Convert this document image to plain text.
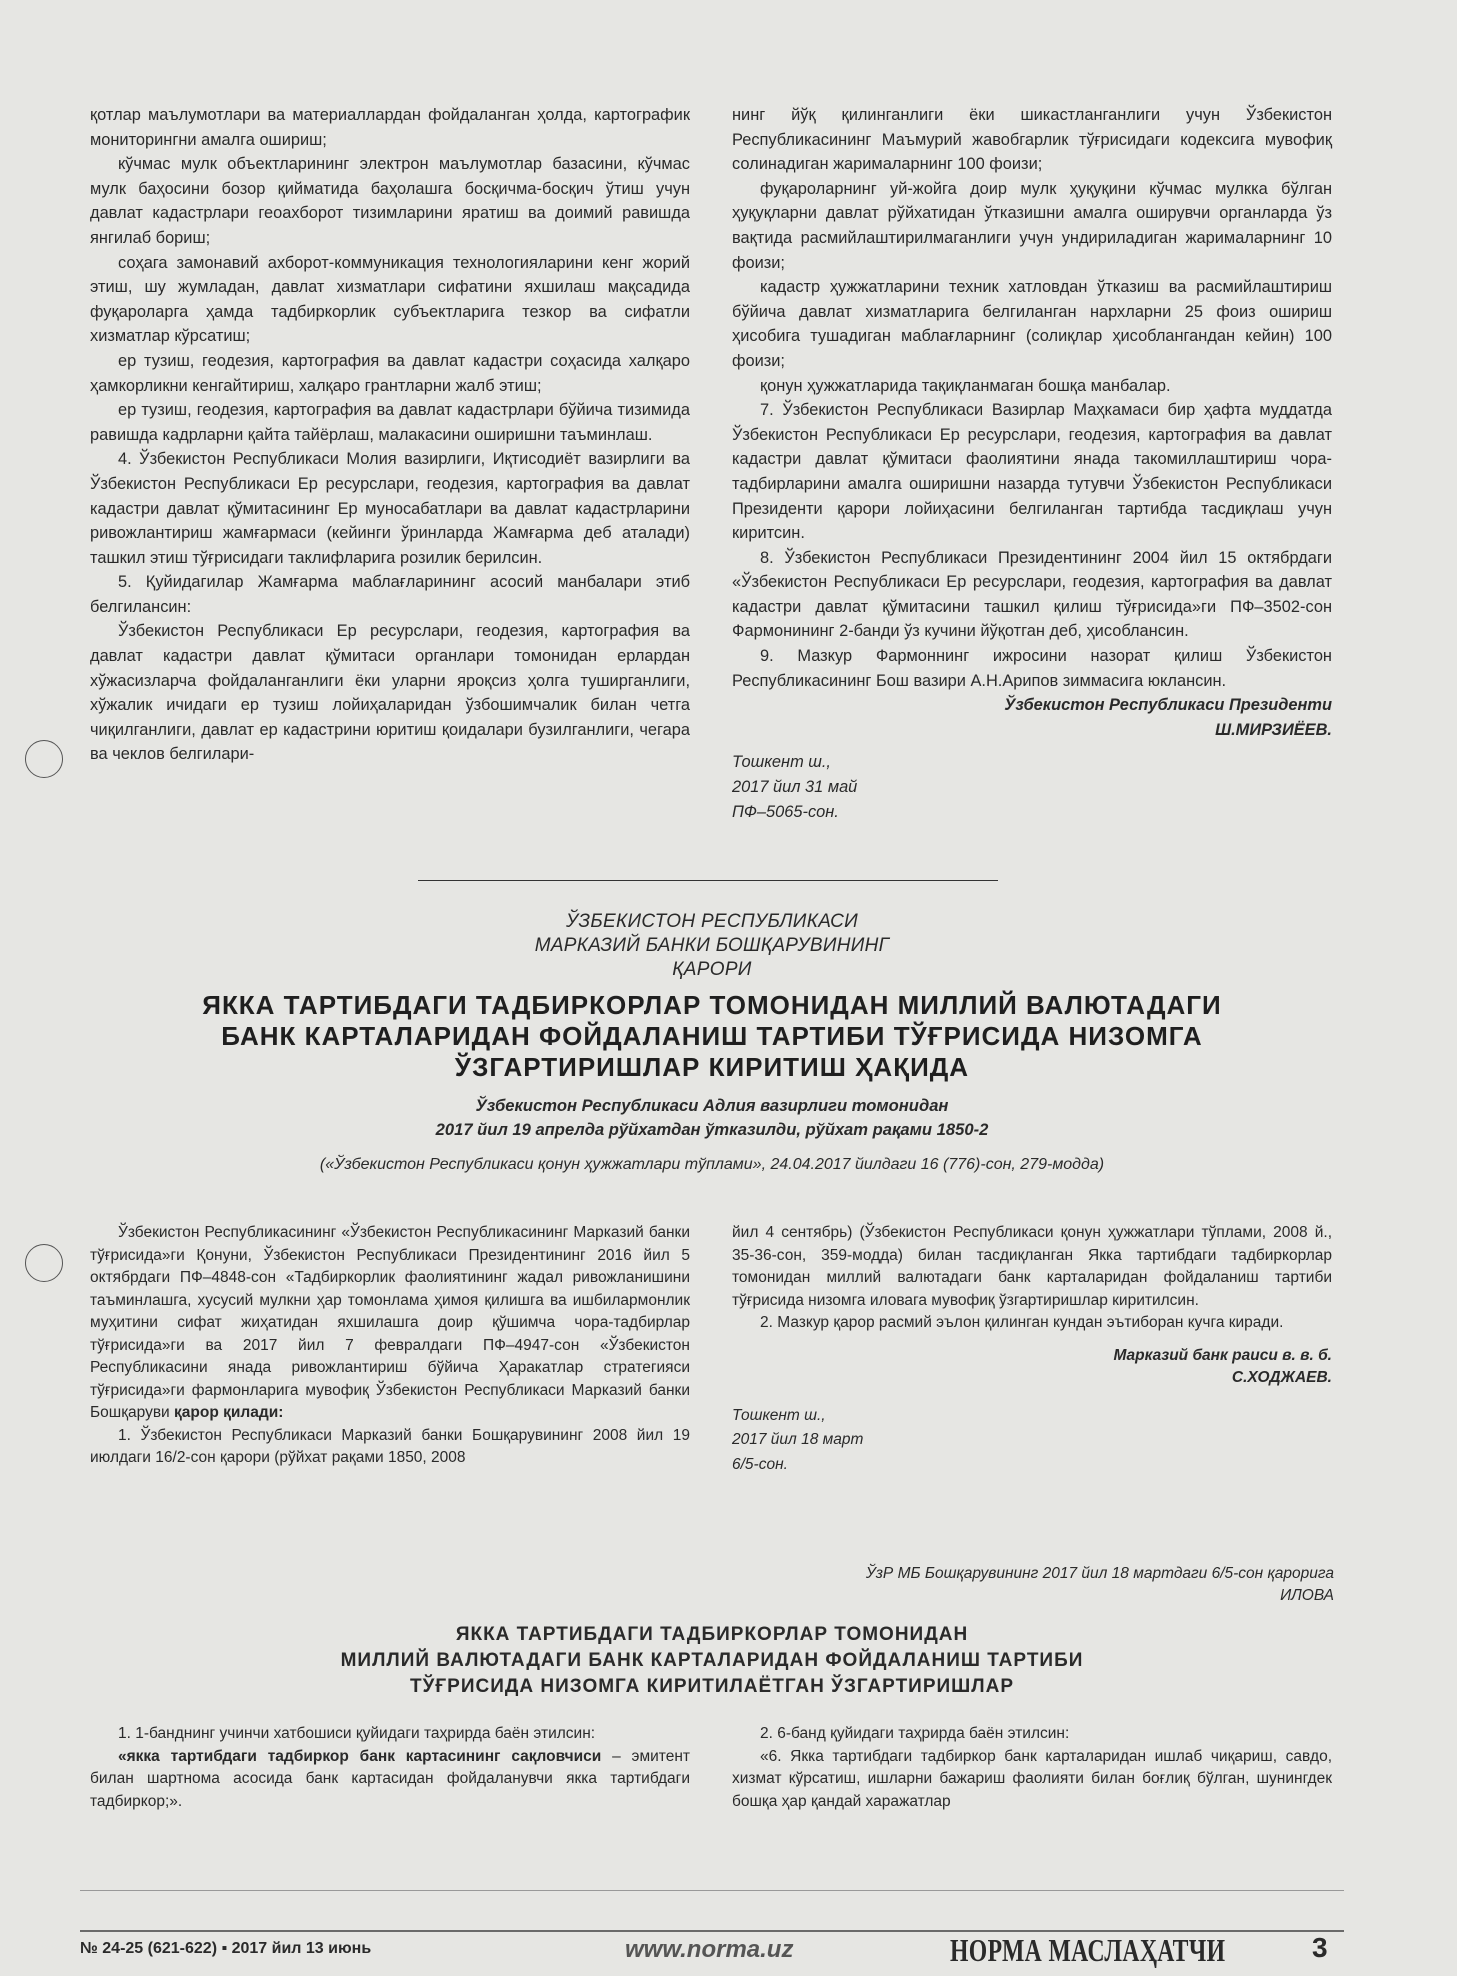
қотлар маълумотлари ва материаллардан фойдаланган ҳолда, картографик мониторингни амалга ошириш;

кўчмас мулк объектларининг электрон маълумотлар базасини, кўчмас мулк баҳосини бозор қийматида баҳолашга босқичма-босқич ўтиш учун давлат кадастрлари геоахборот тизимларини яратиш ва доимий равишда янгилаб бориш;

соҳага замонавий ахборот-коммуникация технологияларини кенг жорий этиш, шу жумладан, давлат хизматлари сифатини яхшилаш мақсадида фуқароларга ҳамда тадбиркорлик субъектларига тезкор ва сифатли хизматлар кўрсатиш;

ер тузиш, геодезия, картография ва давлат кадастри соҳасида халқаро ҳамкорликни кенгайтириш, халқаро грантларни жалб этиш;

ер тузиш, геодезия, картография ва давлат кадастрлари бўйича тизимида равишда кадрларни қайта тайёрлаш, малакасини оширишни таъминлаш.

4. Ўзбекистон Республикаси Молия вазирлиги, Иқтисодиёт вазирлиги ва Ўзбекистон Республикаси Ер ресурслари, геодезия, картография ва давлат кадастри давлат қўмитасининг Ер муносабатлари ва давлат кадастрларини ривожлантириш жамғармаси (кейинги ўринларда Жамғарма деб аталади) ташкил этиш тўғрисидаги таклифларига розилик берилсин.

5. Қуйидагилар Жамғарма маблағларининг асосий манбалари этиб белгилансин:

Ўзбекистон Республикаси Ер ресурслари, геодезия, картография ва давлат кадастри давлат қўмитаси органлари томонидан ерлардан хўжасизларча фойдаланганлиги ёки уларни яроқсиз ҳолга туширганлиги, хўжалик ичидаги ер тузиш лойиҳаларидан ўзбошимчалик билан четга чиқилганлиги, давлат ер кадастрини юритиш қоидалари бузилганлиги, чегара ва чеклов белгилари-

нинг йўқ қилинганлиги ёки шикастланганлиги учун Ўзбекистон Республикасининг Маъмурий жавобгарлик тўғрисидаги кодексига мувофиқ солинадиган жарималарнинг 100 фоизи;

фуқароларнинг уй-жойга доир мулк ҳуқуқини кўчмас мулкка бўлган ҳуқуқларни давлат рўйхатидан ўтказишни амалга оширувчи органларда ўз вақтида расмийлаштирилмаганлиги учун ундириладиган жарималарнинг 10 фоизи;

кадастр ҳужжатларини техник хатловдан ўтказиш ва расмийлаштириш бўйича давлат хизматларига белгиланган нархларни 25 фоиз ошириш ҳисобига тушадиган маблағларнинг (солиқлар ҳисоблангандан кейин) 100 фоизи;

қонун ҳужжатларида тақиқланмаган бошқа манбалар.

7. Ўзбекистон Республикаси Вазирлар Маҳкамаси бир ҳафта муддатда Ўзбекистон Республикаси Ер ресурслари, геодезия, картография ва давлат кадастри давлат қўмитаси фаолиятини янада такомиллаштириш чора-тадбирларини амалга оширишни назарда тутувчи Ўзбекистон Республикаси Президенти қарори лойиҳасини белгиланган тартибда тасдиқлаш учун киритсин.

8. Ўзбекистон Республикаси Президентининг 2004 йил 15 октябрдаги «Ўзбекистон Республикаси Ер ресурслари, геодезия, картография ва давлат кадастри давлат қўмитасини ташкил қилиш тўғрисида»ги ПФ–3502-сон Фармонининг 2-банди ўз кучини йўқотган деб, ҳисоблансин.

9. Мазкур Фармоннинг ижросини назорат қилиш Ўзбекистон Республикасининг Бош вазири А.Н.Арипов зиммасига юклансин.

Ўзбекистон Республикаси Президенти
Ш.МИРЗИЁЕВ.
Тошкент ш.,
2017 йил 31 май
ПФ–5065-сон.
ЎЗБЕКИСТОН РЕСПУБЛИКАСИ
МАРКАЗИЙ БАНКИ БОШҚАРУВИНИНГ
ҚАРОРИ
ЯККА ТАРТИБДАГИ ТАДБИРКОРЛАР ТОМОНИДАН МИЛЛИЙ ВАЛЮТАДАГИ
БАНК КАРТАЛАРИДАН ФОЙДАЛАНИШ ТАРТИБИ ТЎҒРИСИДА НИЗОМГА
ЎЗГАРТИРИШЛАР КИРИТИШ ҲАҚИДА
Ўзбекистон Республикаси Адлия вазирлиги томонидан
2017 йил 19 апрелда рўйхатдан ўтказилди, рўйхат рақами 1850-2
(«Ўзбекистон Республикаси қонун ҳужжатлари тўплами», 24.04.2017 йилдаги 16 (776)-сон, 279-модда)

Ўзбекистон Республикасининг «Ўзбекистон Республикасининг Марказий банки тўғрисида»ги Қонуни, Ўзбекистон Республикаси Президентининг 2016 йил 5 октябрдаги ПФ–4848-сон «Тадбиркорлик фаолиятининг жадал ривожланишини таъминлашга, хусусий мулкни ҳар томонлама ҳимоя қилишга ва ишбилармонлик муҳитини сифат жиҳатидан яхшилашга доир қўшимча чора-тадбирлар тўғрисида»ги ва 2017 йил 7 февралдаги ПФ–4947-сон «Ўзбекистон Республикасини янада ривожлантириш бўйича Ҳаракатлар стратегияси тўғрисида»ги фармонларига мувофиқ Ўзбекистон Республикаси Марказий банки Бошқаруви қарор қилади:

1. Ўзбекистон Республикаси Марказий банки Бошқарувининг 2008 йил 19 июлдаги 16/2-сон қарори (рўйхат рақами 1850, 2008

йил 4 сентябрь) (Ўзбекистон Республикаси қонун ҳужжатлари тўплами, 2008 й., 35-36-сон, 359-модда) билан тасдиқланган Якка тартибдаги тадбиркорлар томонидан миллий валютадаги банк карталаридан фойдаланиш тартиби тўғрисида низомга иловага мувофиқ ўзгартиришлар киритилсин.

2. Мазкур қарор расмий эълон қилинган кундан эътиборан кучга киради.

Марказий банк раиси в. в. б.
С.ХОДЖАЕВ.
Тошкент ш.,
2017 йил 18 март
6/5-сон.
ЎзР МБ Бошқарувининг 2017 йил 18 мартдаги 6/5-сон қарорига
ИЛОВА
ЯККА ТАРТИБДАГИ ТАДБИРКОРЛАР ТОМОНИДАН
МИЛЛИЙ ВАЛЮТАДАГИ БАНК КАРТАЛАРИДАН ФОЙДАЛАНИШ ТАРТИБИ
ТЎҒРИСИДА НИЗОМГА КИРИТИЛАЁТГАН ЎЗГАРТИРИШЛАР

1. 1-банднинг учинчи хатбошиси қуйидаги таҳрирда баён этилсин:

«якка тартибдаги тадбиркор банк картасининг сақловчиси – эмитент билан шартнома асосида банк картасидан фойдаланувчи якка тартибдаги тадбиркор;».

2. 6-банд қуйидаги таҳрирда баён этилсин:

«6. Якка тартибдаги тадбиркор банк карталаридан ишлаб чиқариш, савдо, хизмат кўрсатиш, ишларни бажариш фаолияти билан боғлиқ бўлган, шунингдек бошқа ҳар қандай харажатлар

№ 24-25 (621-622) ▪ 2017 йил 13 июнь	www.norma.uz	НОРМА МАСЛАҲАТЧИ	3
